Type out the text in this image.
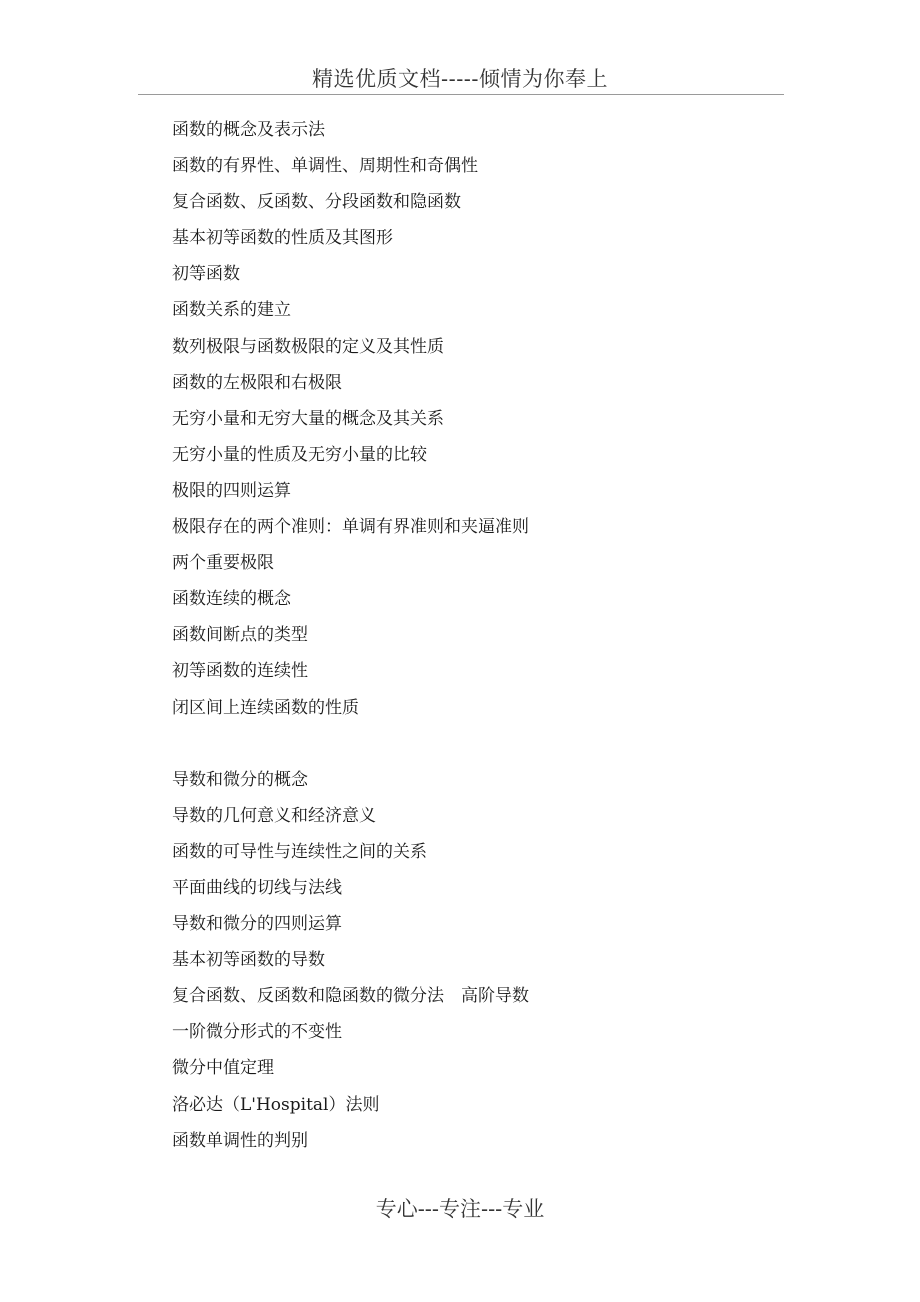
精选优质文档-----倾情为你奉上
函数的概念及表示法
函数的有界性、单调性、周期性和奇偶性
复合函数、反函数、分段函数和隐函数
基本初等函数的性质及其图形
初等函数
函数关系的建立
数列极限与函数极限的定义及其性质
函数的左极限和右极限
无穷小量和无穷大量的概念及其关系
无穷小量的性质及无穷小量的比较
极限的四则运算
极限存在的两个准则：单调有界准则和夹逼准则
两个重要极限
函数连续的概念
函数间断点的类型
初等函数的连续性
闭区间上连续函数的性质
导数和微分的概念
导数的几何意义和经济意义
函数的可导性与连续性之间的关系
平面曲线的切线与法线
导数和微分的四则运算
基本初等函数的导数
复合函数、反函数和隐函数的微分法　高阶导数
一阶微分形式的不变性
微分中值定理
洛必达（L'Hospital）法则
函数单调性的判别
专心---专注---专业
